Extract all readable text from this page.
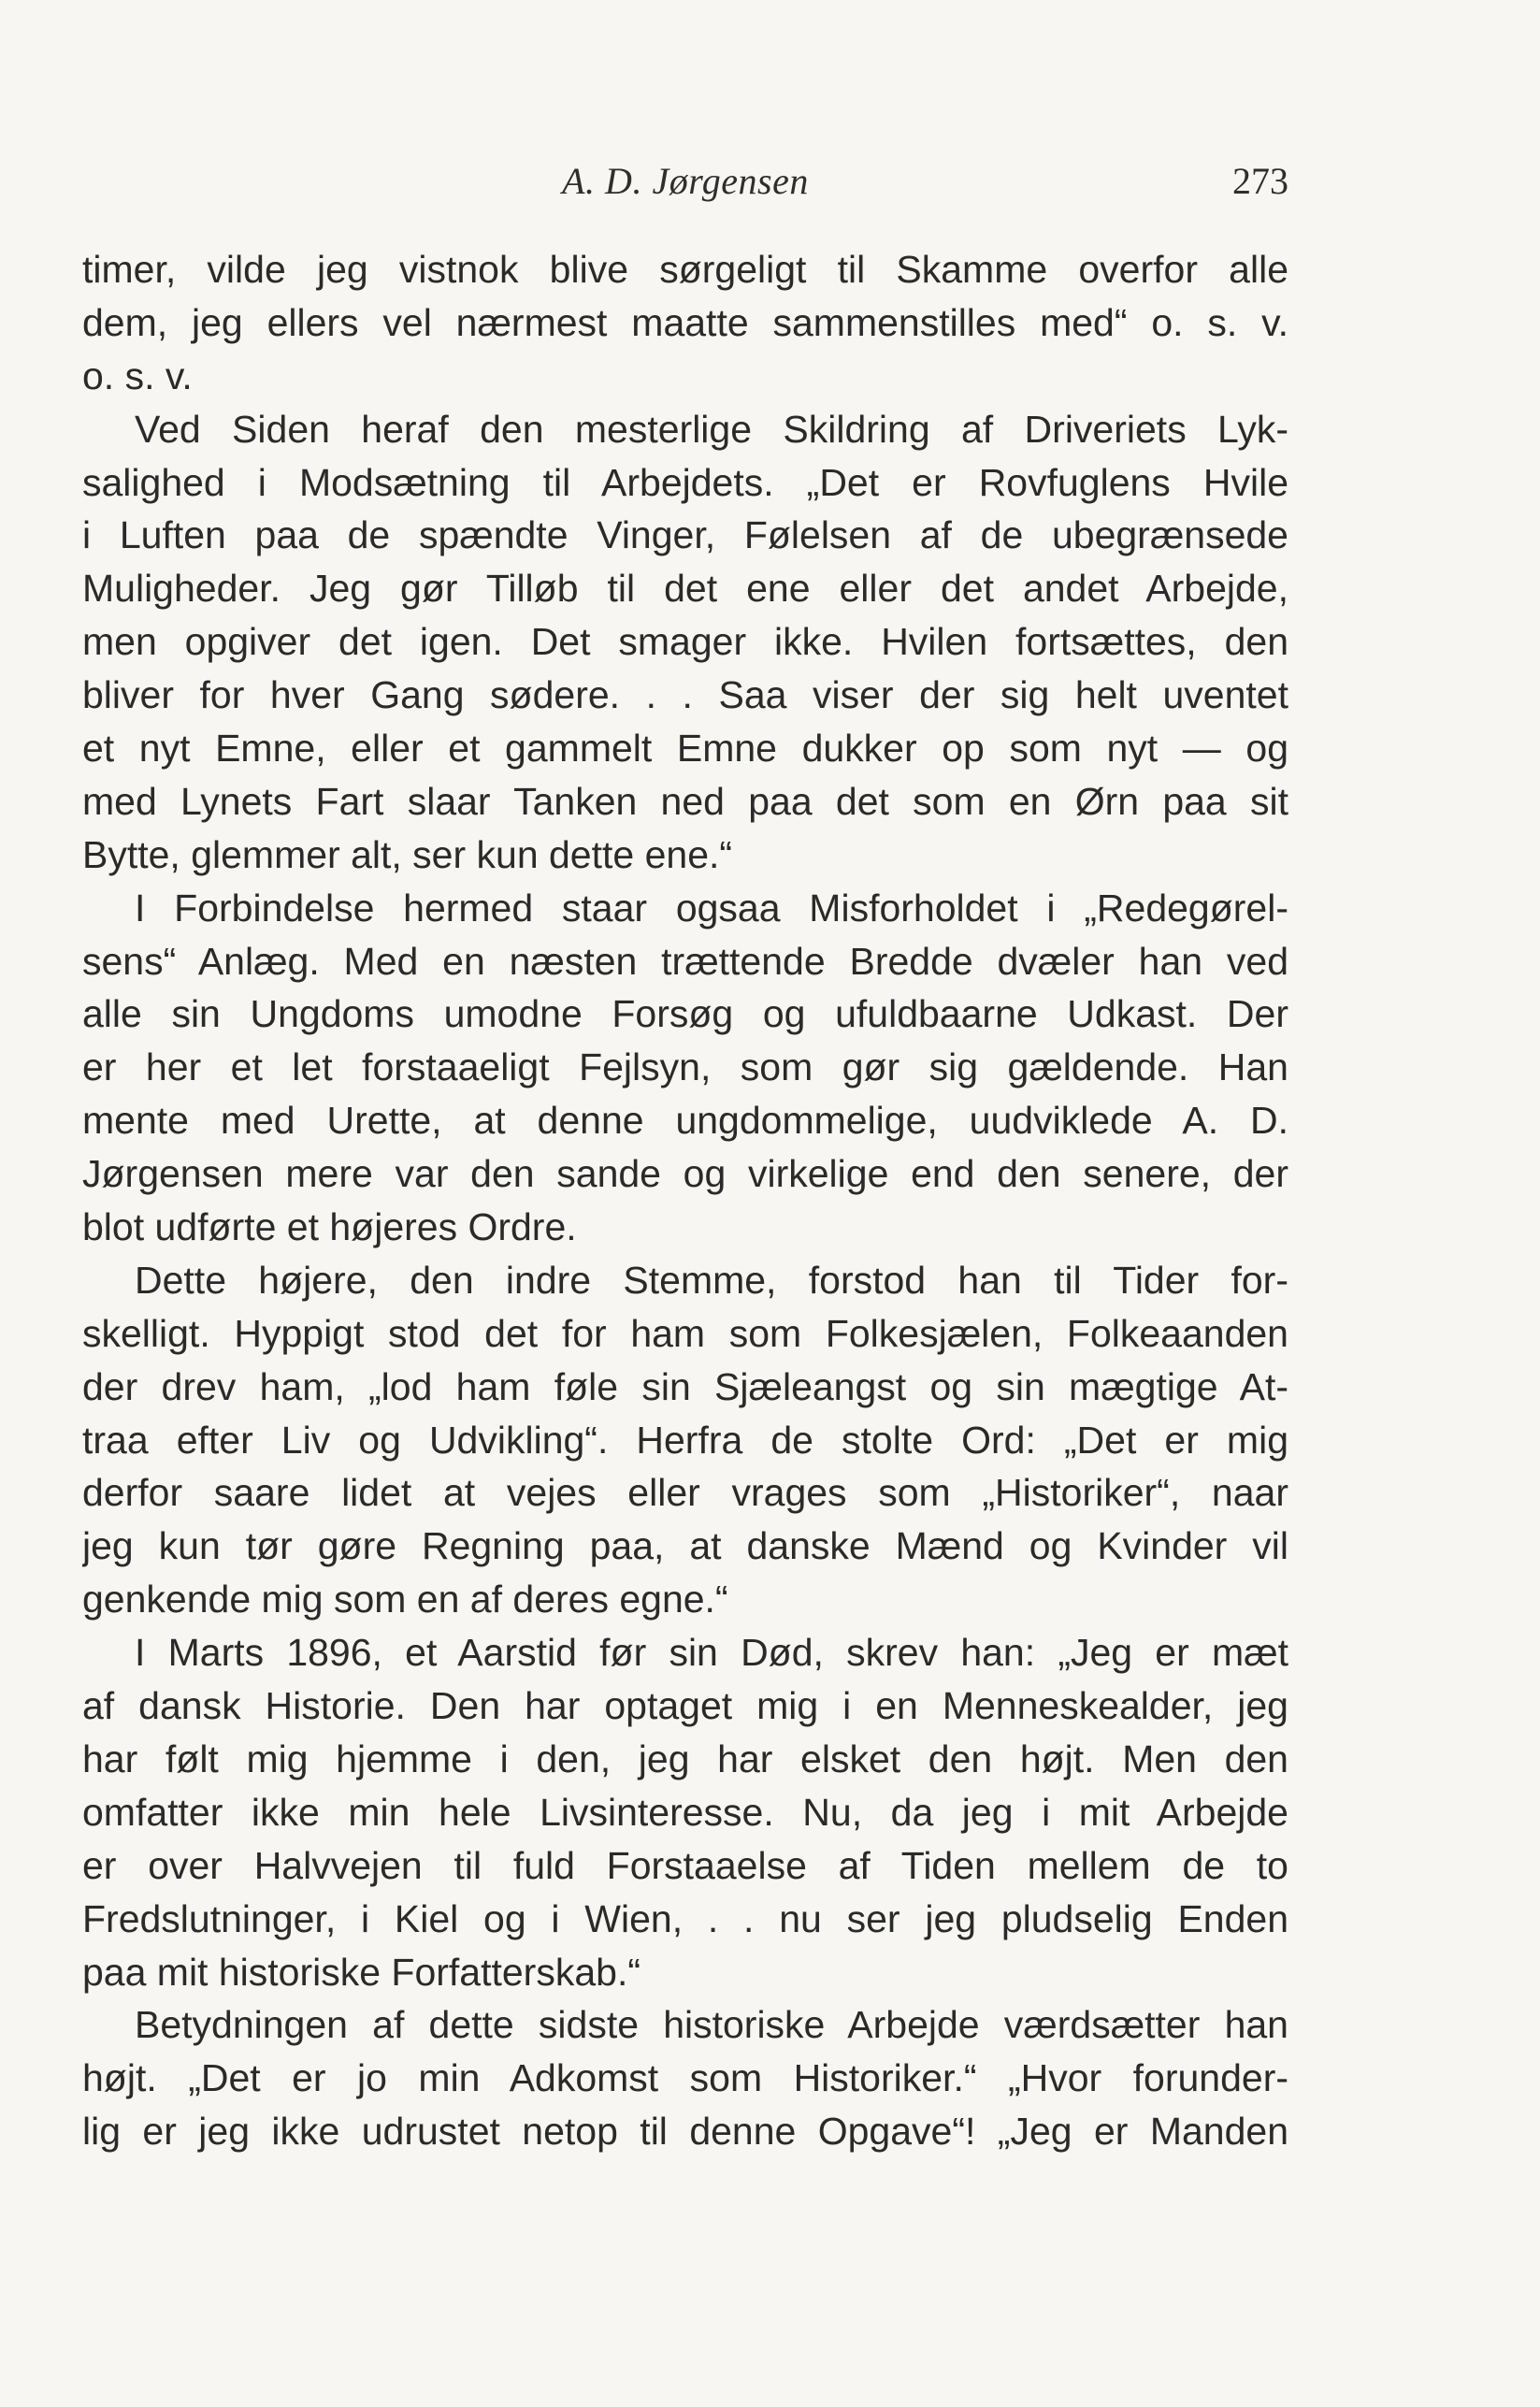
A. D. Jørgensen	273
timer, vilde jeg vistnok blive sørgeligt til Skamme overfor alle
dem, jeg ellers vel nærmest maatte sammenstilles med“ o. s. v.
o. s. v.
Ved Siden heraf den mesterlige Skildring af Driveriets Lyk-
salighed i Modsætning til Arbejdets. „Det er Rovfuglens Hvile
i Luften paa de spændte Vinger, Følelsen af de ubegrænsede
Muligheder. Jeg gør Tilløb til det ene eller det andet Arbejde,
men opgiver det igen. Det smager ikke. Hvilen fortsættes, den
bliver for hver Gang sødere. . . Saa viser der sig helt uventet
et nyt Emne, eller et gammelt Emne dukker op som nyt — og
med Lynets Fart slaar Tanken ned paa det som en Ørn paa sit
Bytte, glemmer alt, ser kun dette ene.“
I Forbindelse hermed staar ogsaa Misforholdet i „Redegørel-
sens“ Anlæg. Med en næsten trættende Bredde dvæler han ved
alle sin Ungdoms umodne Forsøg og ufuldbaarne Udkast. Der
er her et let forstaaeligt Fejlsyn, som gør sig gældende. Han
mente med Urette, at denne ungdommelige, uudviklede A. D.
Jørgensen mere var den sande og virkelige end den senere, der
blot udførte et højeres Ordre.
Dette højere, den indre Stemme, forstod han til Tider for-
skelligt. Hyppigt stod det for ham som Folkesjælen, Folkeaanden
der drev ham, „lod ham føle sin Sjæleangst og sin mægtige At-
traa efter Liv og Udvikling“. Herfra de stolte Ord: „Det er mig
derfor saare lidet at vejes eller vrages som „Historiker“, naar
jeg kun tør gøre Regning paa, at danske Mænd og Kvinder vil
genkende mig som en af deres egne.“
I Marts 1896, et Aarstid før sin Død, skrev han: „Jeg er mæt
af dansk Historie. Den har optaget mig i en Menneskealder, jeg
har følt mig hjemme i den, jeg har elsket den højt. Men den
omfatter ikke min hele Livsinteresse. Nu, da jeg i mit Arbejde
er over Halvvejen til fuld Forstaaelse af Tiden mellem de to
Fredslutninger, i Kiel og i Wien, . . nu ser jeg pludselig Enden
paa mit historiske Forfatterskab.“
Betydningen af dette sidste historiske Arbejde værdsætter han
højt. „Det er jo min Adkomst som Historiker.“ „Hvor forunder-
lig er jeg ikke udrustet netop til denne Opgave“! „Jeg er Manden
